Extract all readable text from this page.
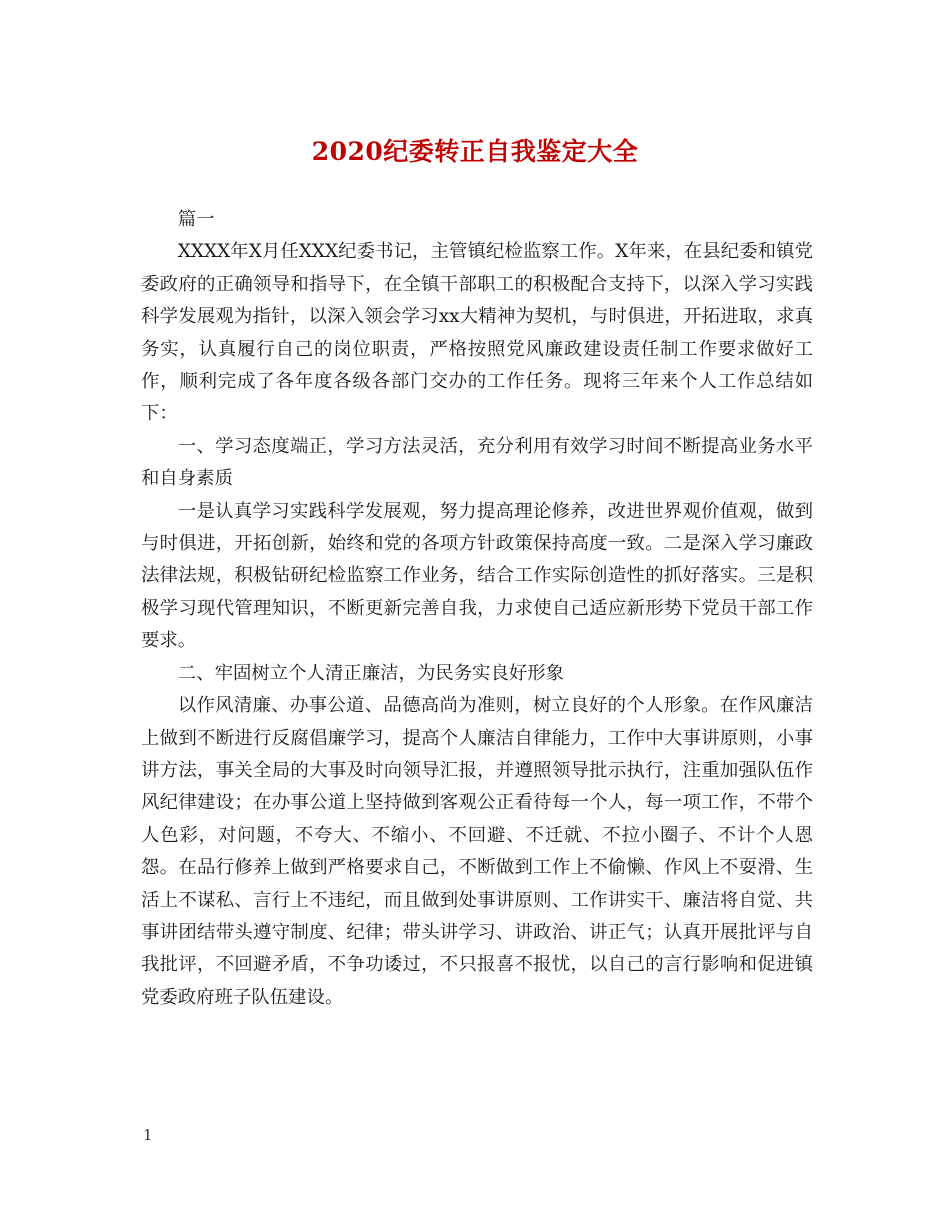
2020纪委转正自我鉴定大全

篇一

XXXX年X月任XXX纪委书记，主管镇纪检监察工作。X年来，在县纪委和镇党委政府的正确领导和指导下，在全镇干部职工的积极配合支持下，以深入学习实践科学发展观为指针，以深入领会学习xx大精神为契机，与时俱进，开拓进取，求真务实，认真履行自己的岗位职责，严格按照党风廉政建设责任制工作要求做好工作，顺利完成了各年度各级各部门交办的工作任务。现将三年来个人工作总结如下：

一、学习态度端正，学习方法灵活，充分利用有效学习时间不断提高业务水平和自身素质

一是认真学习实践科学发展观，努力提高理论修养，改进世界观价值观，做到与时俱进，开拓创新，始终和党的各项方针政策保持高度一致。二是深入学习廉政法律法规，积极钻研纪检监察工作业务，结合工作实际创造性的抓好落实。三是积极学习现代管理知识，不断更新完善自我，力求使自己适应新形势下党员干部工作要求。

二、牢固树立个人清正廉洁，为民务实良好形象

以作风清廉、办事公道、品德高尚为准则，树立良好的个人形象。在作风廉洁上做到不断进行反腐倡廉学习，提高个人廉洁自律能力，工作中大事讲原则，小事讲方法，事关全局的大事及时向领导汇报，并遵照领导批示执行，注重加强队伍作风纪律建设；在办事公道上坚持做到客观公正看待每一个人，每一项工作，不带个人色彩，对问题，不夸大、不缩小、不回避、不迁就、不拉小圈子、不计个人恩怨。在品行修养上做到严格要求自己，不断做到工作上不偷懒、作风上不耍滑、生活上不谋私、言行上不违纪，而且做到处事讲原则、工作讲实干、廉洁将自觉、共事讲团结带头遵守制度、纪律；带头讲学习、讲政治、讲正气；认真开展批评与自我批评，不回避矛盾，不争功诿过，不只报喜不报忧，以自己的言行影响和促进镇党委政府班子队伍建设。

1
